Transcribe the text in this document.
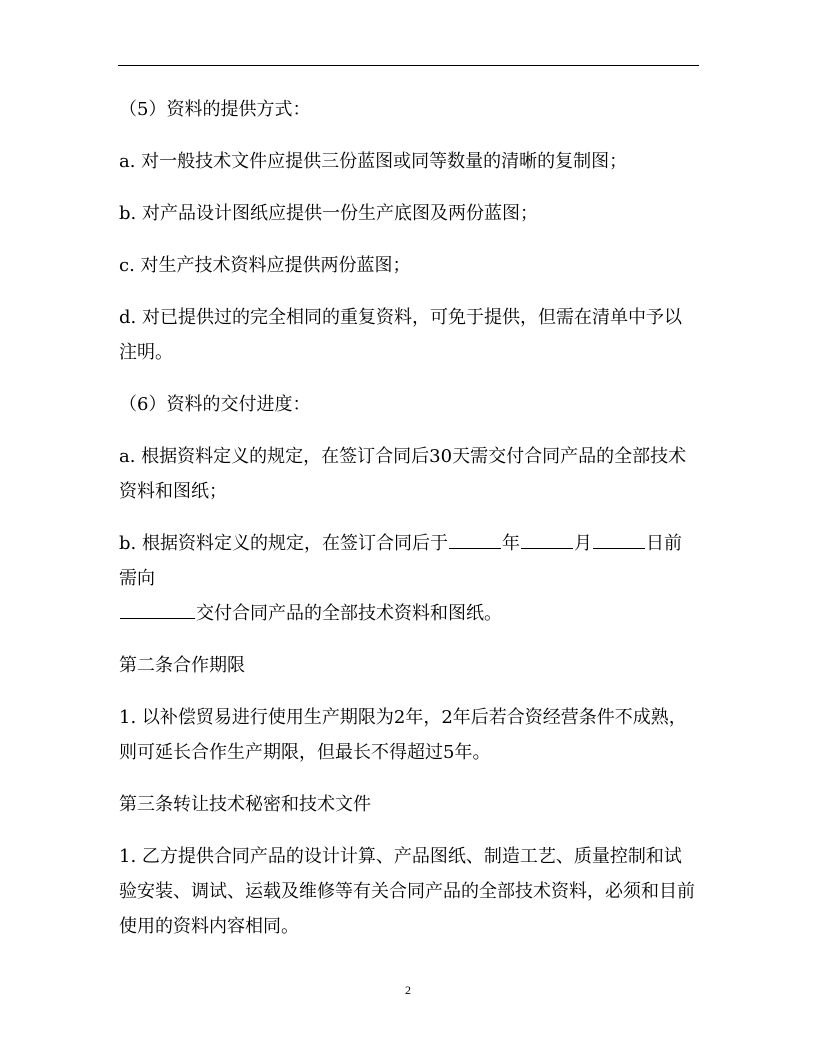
（5）资料的提供方式：

a. 对一般技术文件应提供三份蓝图或同等数量的清晰的复制图；

b. 对产品设计图纸应提供一份生产底图及两份蓝图；

c. 对生产技术资料应提供两份蓝图；

d. 对已提供过的完全相同的重复资料，可免于提供，但需在清单中予以注明。

（6）资料的交付进度：

a. 根据资料定义的规定，在签订合同后30天需交付合同产品的全部技术资料和图纸；

b. 根据资料定义的规定，在签订合同后于	年	月	日前需向
交付合同产品的全部技术资料和图纸。

第二条合作期限

1. 以补偿贸易进行使用生产期限为2年，2年后若合资经营条件不成熟，则可延长合作生产期限，但最长不得超过5年。

第三条转让技术秘密和技术文件

1. 乙方提供合同产品的设计计算、产品图纸、制造工艺、质量控制和试验安装、调试、运载及维修等有关合同产品的全部技术资料，必须和目前使用的资料内容相同。

2
